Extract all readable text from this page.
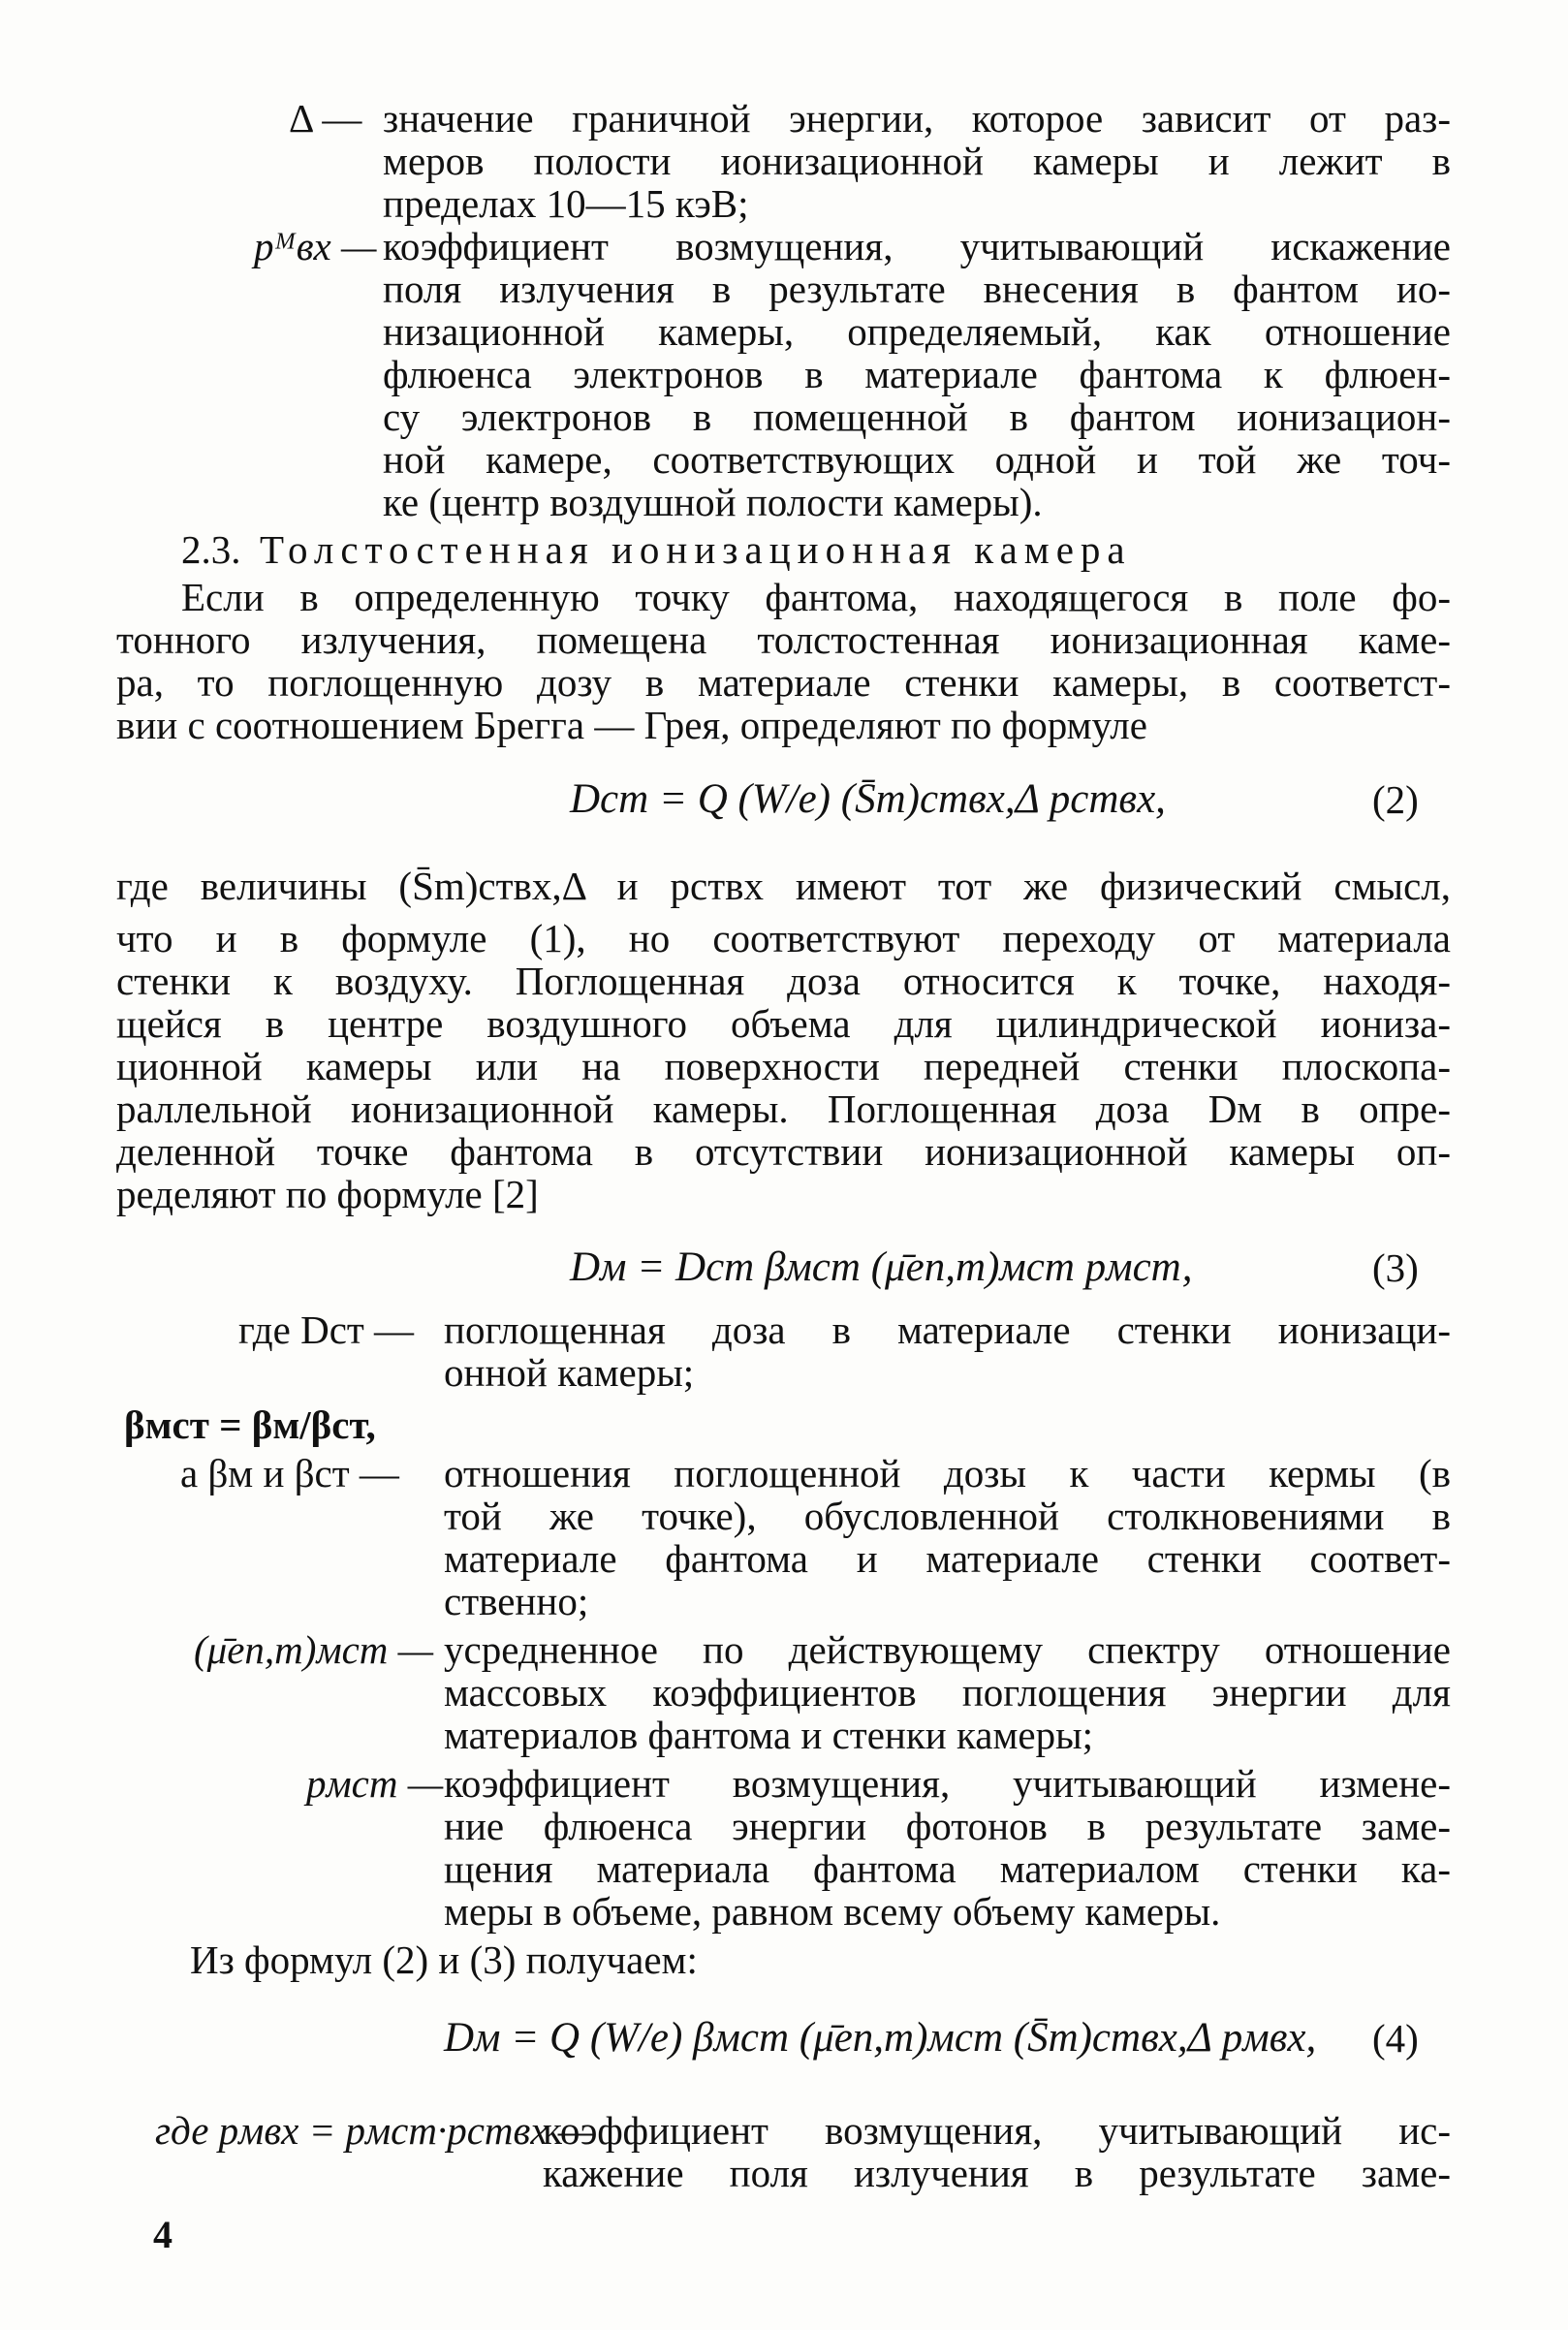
Δ — значение граничной энергии, которое зависит от раз-
меров полости ионизационной камеры и лежит в
пределах 10—15 кэВ;
pᴹвх — коэффициент возмущения, учитывающий искажение
поля излучения в результате внесения в фантом ио-
низационной камеры, определяемый, как отношение
флюенса электронов в материале фантома к флюен-
су электронов в помещенной в фантом ионизацион-
ной камере, соответствующих одной и той же точ-
ке (центр воздушной полости камеры).
2.3. Толстостенная ионизационная камера
Если в определенную точку фантома, находящегося в поле фо-
тонного излучения, помещена толстостенная ионизационная каме-
ра, то поглощенную дозу в материале стенки камеры, в соответст-
вии с соотношением Брегга — Грея, определяют по формуле
Dст = Q (W/e) (S̄m)ствх,Δ pствх,	(2)
где величины (S̄m)ствх,Δ и pствх имеют тот же физический смысл,
что и в формуле (1), но соответствуют переходу от материала
стенки к воздуху. Поглощенная доза относится к точке, находя-
щейся в центре воздушного объема для цилиндрической иониза-
ционной камеры или на поверхности передней стенки плоскопа-
раллельной ионизационной камеры. Поглощенная доза Dм в опре-
деленной точке фантома в отсутствии ионизационной камеры оп-
ределяют по формуле [2]
Dм = Dст βмст (μ̄en,m)мст pмст,	(3)
где Dст — поглощенная доза в материале стенки ионизаци-
онной камеры;
βмст = βм/βст,
а βм и βст — отношения поглощенной дозы к части кермы (в
той же точке), обусловленной столкновениями в
материале фантома и материале стенки соответ-
ственно;
(μ̄en,m)мст — усредненное по действующему спектру отношение
массовых коэффициентов поглощения энергии для
материалов фантома и стенки камеры;
pмст — коэффициент возмущения, учитывающий измене-
ние флюенса энергии фотонов в результате заме-
щения материала фантома материалом стенки ка-
меры в объеме, равном всему объему камеры.
Из формул (2) и (3) получаем:
Dм = Q (W/e) βмст (μ̄en,m)мст (S̄m)ствх,Δ pмвх, (4)
где pмвх = pмст·pствх —
коэффициент возмущения, учитывающий ис-
кажение поля излучения в результате заме-
4
